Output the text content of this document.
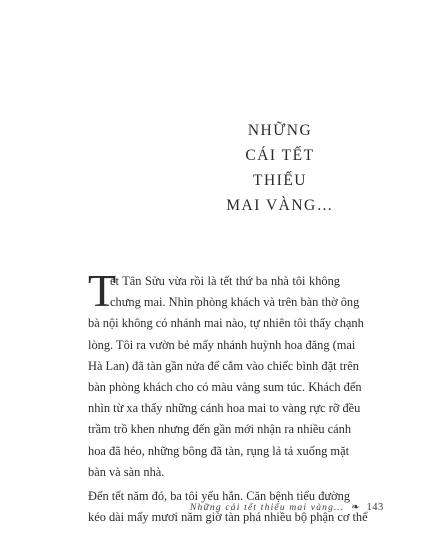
NHỮNG
CÁI TẾT
THIẾU
MAI VÀNG…
T
ết Tân Sửu vừa rồi là tết thứ ba nhà tôi không
chưng mai. Nhìn phòng khách và trên bàn thờ ông
bà nội không có nhánh mai nào, tự nhiên tôi thấy chạnh
lòng. Tôi ra vườn bẻ mấy nhánh huỳnh hoa đăng (mai
Hà Lan) đã tàn gần nửa để cắm vào chiếc bình đặt trên
bàn phòng khách cho có màu vàng sum túc. Khách đến
nhìn từ xa thấy những cánh hoa mai to vàng rực rỡ đều
trầm trồ khen nhưng đến gần mới nhận ra nhiều cánh
hoa đã héo, những bông đã tàn, rụng lả tả xuống mặt
bàn và sàn nhà.
Đến tết năm đó, ba tôi yếu hẳn. Căn bệnh tiểu đường
kéo dài mấy mươi năm giờ tàn phá nhiều bộ phận cơ thể
Những cái tết thiếu mai vàng… ❧ 143
